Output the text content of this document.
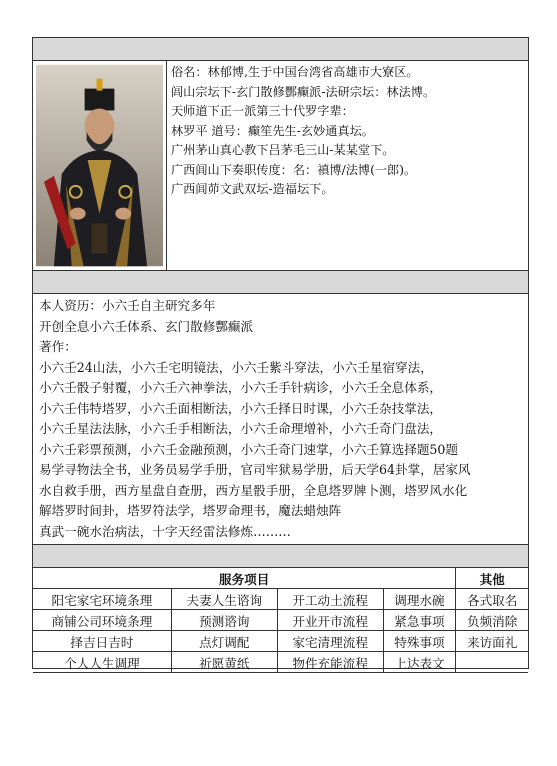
俗名：林郁博,生于中国台湾省高雄市大寮区。
闾山宗坛下-玄门散修酆癫派-法研宗坛：林法博。
天师道下正一派第三十代罗字辈：
林罗平 道号：癫笙先生-玄妙通真坛。
广州茅山真心教下吕茅毛三山-某某堂下。
广西闾山下奏职传度：名：禛博/法博(一郎)。
广西闾茆文武双坛-造福坛下。
本人资历：小六壬自主研究多年
开创全息小六壬体系、玄门散修酆癫派
著作：
小六壬24山法，小六壬宅明镜法，小六壬紫斗穿法，小六壬星宿穿法，
小六壬骰子射覆，小六壬六神拳法，小六壬手针病诊，小六壬全息体系，
小六壬伟特塔罗，小六壬面相断法，小六壬择日时课，小六壬杂技掌法，
小六壬星法法脉，小六壬手相断法，小六壬命理增补，小六壬奇门盘法，
小六壬彩票预测，小六壬金融预测，小六壬奇门速掌，小六壬算选择题50题
易学寻物法全书，业务员易学手册，官司牢狱易学册，后天学64卦掌，居家风
水自救手册，西方星盘自查册，西方星骰手册，全息塔罗牌卜测，塔罗风水化
解塔罗时间卦，塔罗符法学，塔罗命理书，魔法蜡烛阵
真武一碗水治病法，十字天经雷法修炼………
服务项目				其他
阳宅家宅环境条理	夫妻人生谘询	开工动土流程	调理水碗	各式取名
商铺公司环境条理	预测谘询	开业开市流程	紧急事项	负频消除
择吉日吉时	点灯调配	家宅清理流程	特殊事项	来访面礼
个人人生调理	祈愿黄纸	物件充能流程	上达表文	
